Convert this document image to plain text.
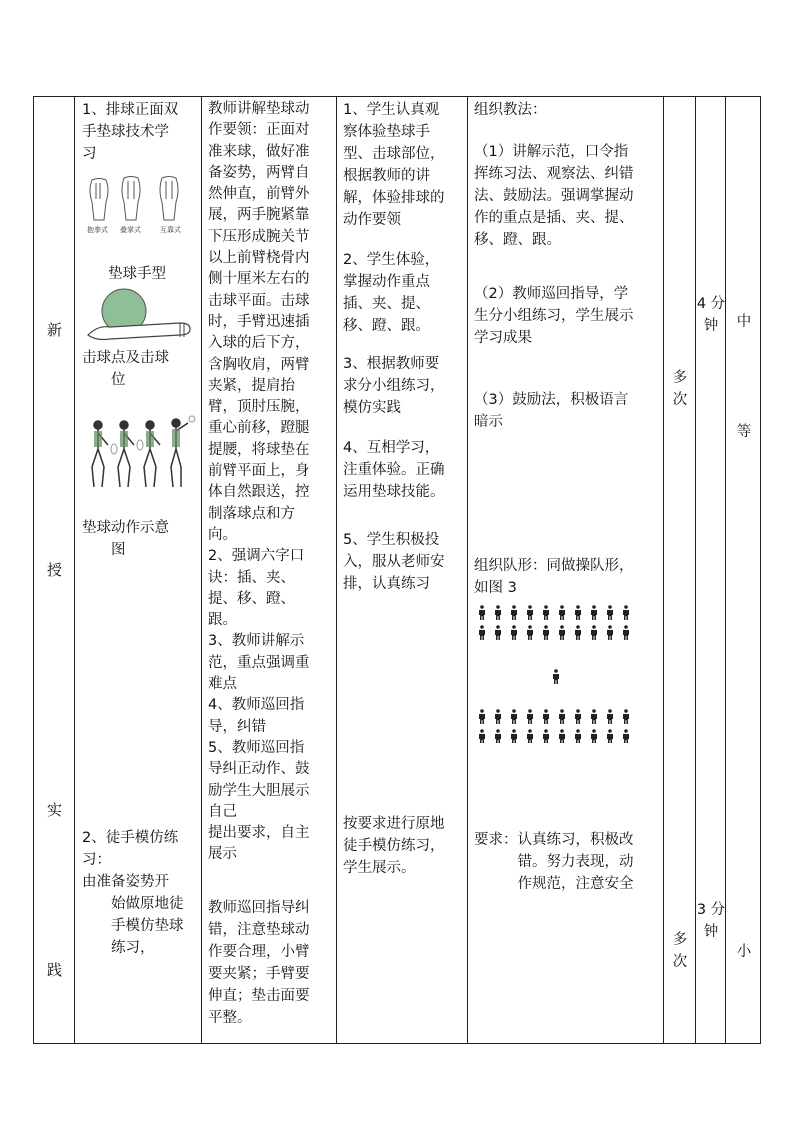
新
授
实
践
1、排球正面双
手垫球技术学
习
抱拳式 叠掌式	互靠式
垫球手型
击球点及击球
　　位
垫球动作示意
　　图
2、徒手模仿练
习：
由准备姿势开
　　始做原地徒
　　手模仿垫球
　　练习，
教师讲解垫球动
作要领：正面对
准来球，做好准
备姿势，两臂自
然伸直，前臂外
展，两手腕紧靠
下压形成腕关节
以上前臂桡骨内
侧十厘米左右的
击球平面。击球
时，手臂迅速插
入球的后下方，
含胸收肩，两臂
夹紧，提肩抬
臂，顶肘压腕，
重心前移，蹬腿
提腰，将球垫在
前臂平面上，身
体自然跟送，控
制落球点和方
向。
2、强调六字口
诀：插、夹、
提、移、蹬、
跟。
3、教师讲解示
范，重点强调重
难点
4、教师巡回指
导，纠错
5、教师巡回指
导纠正动作、鼓
励学生大胆展示
自己
提出要求，自主
展示
教师巡回指导纠
错，注意垫球动
作要合理，小臂
要夹紧；手臂要
伸直；垫击面要
平整。
1、学生认真观
察体验垫球手
型、击球部位，
根据教师的讲
解，体验排球的
动作要领
2、学生体验，
掌握动作重点
插、夹、提、
移、蹬、跟。
3、根据教师要
求分小组练习，
模仿实践
4、互相学习，
注重体验。正确
运用垫球技能。
5、学生积极投
入，服从老师安
排，认真练习
按要求进行原地
徒手模仿练习，
学生展示。
组织教法：
（1）讲解示范，口令指
挥练习法、观察法、纠错
法、鼓励法。强调掌握动
作的重点是插、夹、提、
移、蹬、跟。
（2）教师巡回指导，学
生分小组练习，学生展示
学习成果
（3）鼓励法，积极语言
暗示
组织队形：同做操队形，
如图 3
要求：认真练习，积极改
　　　错。努力表现，动
　　　作规范，注意安全
多 次
多 次
4 分 钟
3 分 钟
中
等
小
